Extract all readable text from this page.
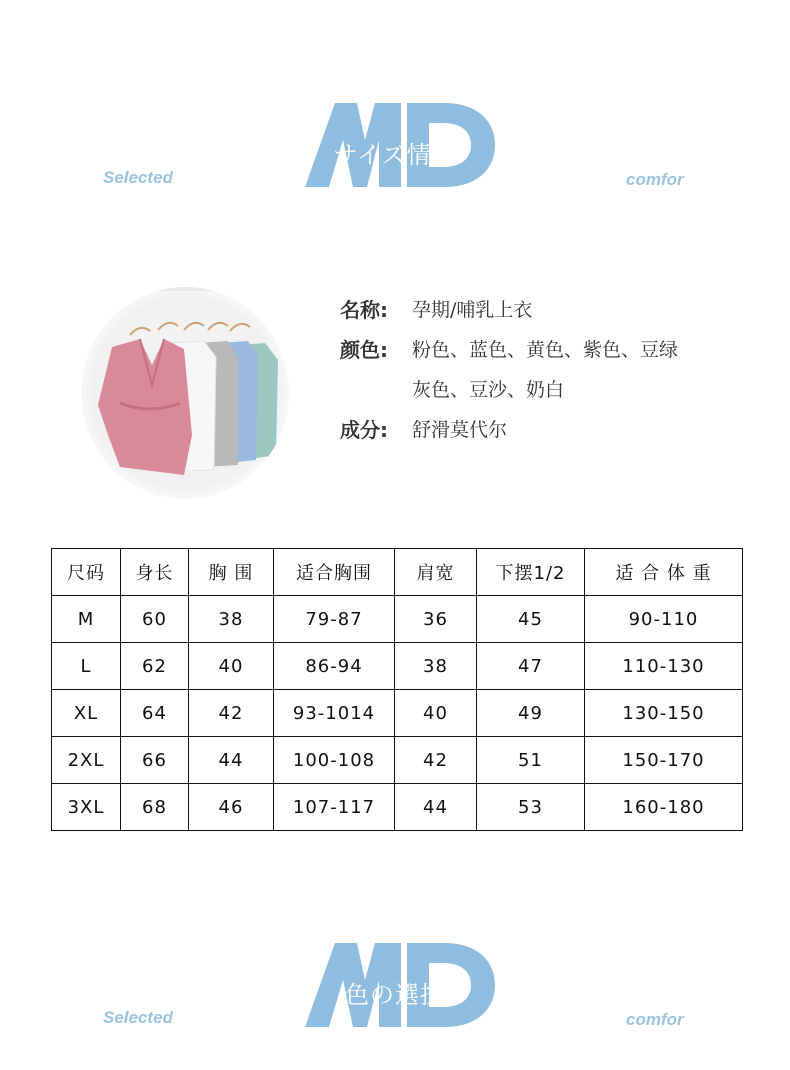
サイズ情報
Selected	comfor
名称: 孕期/哺乳上衣
颜色: 粉色、蓝色、黄色、紫色、豆绿
灰色、豆沙、奶白
成分: 舒滑莫代尔
尺码	身长	胸 围	适合胸围	肩宽	下摆1/2	适 合 体 重
M	60	38	79-87	36	45	90-110
L	62	40	86-94	38	47	110-130
XL	64	42	93-1014	40	49	130-150
2XL	66	44	100-108	42	51	150-170
3XL	68	46	107-117	44	53	160-180
色の選択
Selected	comfor
